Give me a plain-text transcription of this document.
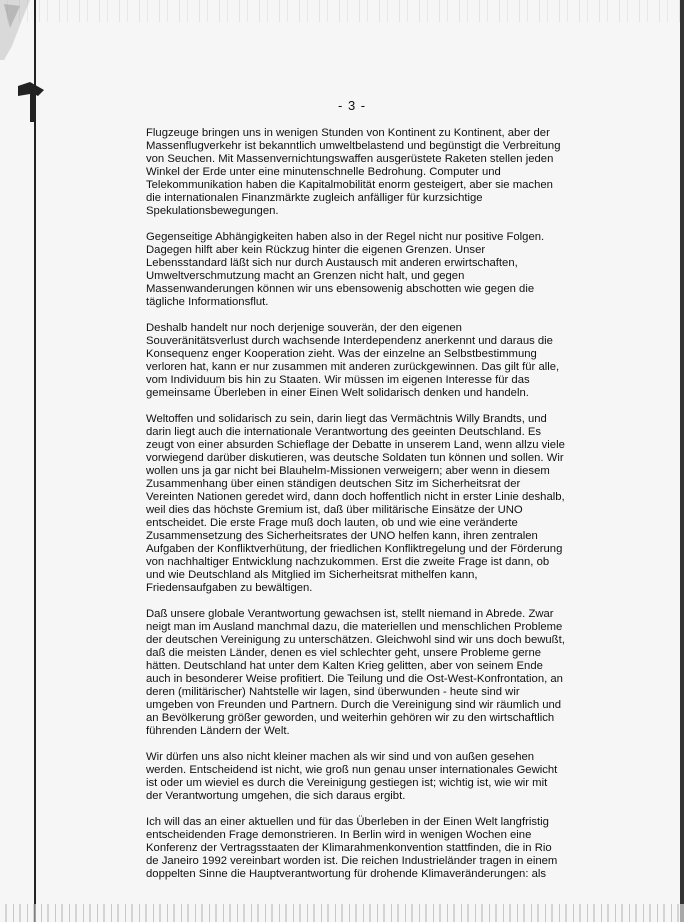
- 3 -

Flugzeuge bringen uns in wenigen Stunden von Kontinent zu Kontinent, aber der Massenflugverkehr ist bekanntlich umweltbelastend und begünstigt die Verbreitung von Seuchen. Mit Massenvernichtungswaffen ausgerüstete Raketen stellen jeden Winkel der Erde unter eine minutenschnelle Bedrohung. Computer und Telekommunikation haben die Kapitalmobilität enorm gesteigert, aber sie machen die internationalen Finanzmärkte zugleich anfälliger für kurzsichtige Spekulationsbewegungen.

Gegenseitige Abhängigkeiten haben also in der Regel nicht nur positive Folgen. Dagegen hilft aber kein Rückzug hinter die eigenen Grenzen. Unser Lebensstandard läßt sich nur durch Austausch mit anderen erwirtschaften, Umweltverschmutzung macht an Grenzen nicht halt, und gegen Massenwanderungen können wir uns ebensowenig abschotten wie gegen die tägliche Informationsflut.

Deshalb handelt nur noch derjenige souverän, der den eigenen Souveränitätsverlust durch wachsende Interdependenz anerkennt und daraus die Konsequenz enger Kooperation zieht. Was der einzelne an Selbstbestimmung verloren hat, kann er nur zusammen mit anderen zurückgewinnen. Das gilt für alle, vom Individuum bis hin zu Staaten. Wir müssen im eigenen Interesse für das gemeinsame Überleben in einer Einen Welt solidarisch denken und handeln.

Weltoffen und solidarisch zu sein, darin liegt das Vermächtnis Willy Brandts, und darin liegt auch die internationale Verantwortung des geeinten Deutschland. Es zeugt von einer absurden Schieflage der Debatte in unserem Land, wenn allzu viele vorwiegend darüber diskutieren, was deutsche Soldaten tun können und sollen. Wir wollen uns ja gar nicht bei Blauhelm-Missionen verweigern; aber wenn in diesem Zusammenhang über einen ständigen deutschen Sitz im Sicherheitsrat der Vereinten Nationen geredet wird, dann doch hoffentlich nicht in erster Linie deshalb, weil dies das höchste Gremium ist, daß über militärische Einsätze der UNO entscheidet. Die erste Frage muß doch lauten, ob und wie eine veränderte Zusammensetzung des Sicherheitsrates der UNO helfen kann, ihren zentralen Aufgaben der Konfliktverhütung, der friedlichen Konfliktregelung und der Förderung von nachhaltiger Entwicklung nachzukommen. Erst die zweite Frage ist dann, ob und wie Deutschland als Mitglied im Sicherheitsrat mithelfen kann, Friedensaufgaben zu bewältigen.

Daß unsere globale Verantwortung gewachsen ist, stellt niemand in Abrede. Zwar neigt man im Ausland manchmal dazu, die materiellen und menschlichen Probleme der deutschen Vereinigung zu unterschätzen. Gleichwohl sind wir uns doch bewußt, daß die meisten Länder, denen es viel schlechter geht, unsere Probleme gerne hätten. Deutschland hat unter dem Kalten Krieg gelitten, aber von seinem Ende auch in besonderer Weise profitiert. Die Teilung und die Ost-West-Konfrontation, an deren (militärischer) Nahtstelle wir lagen, sind überwunden - heute sind wir umgeben von Freunden und Partnern. Durch die Vereinigung sind wir räumlich und an Bevölkerung größer geworden, und weiterhin gehören wir zu den wirtschaftlich führenden Ländern der Welt.

Wir dürfen uns also nicht kleiner machen als wir sind und von außen gesehen werden. Entscheidend ist nicht, wie groß nun genau unser internationales Gewicht ist oder um wieviel es durch die Vereinigung gestiegen ist; wichtig ist, wie wir mit der Verantwortung umgehen, die sich daraus ergibt.

Ich will das an einer aktuellen und für das Überleben in der Einen Welt langfristig entscheidenden Frage demonstrieren. In Berlin wird in wenigen Wochen eine Konferenz der Vertragsstaaten der Klimarahmenkonvention stattfinden, die in Rio de Janeiro 1992 vereinbart worden ist. Die reichen Industrieländer tragen in einem doppelten Sinne die Hauptverantwortung für drohende Klimaveränderungen: als
